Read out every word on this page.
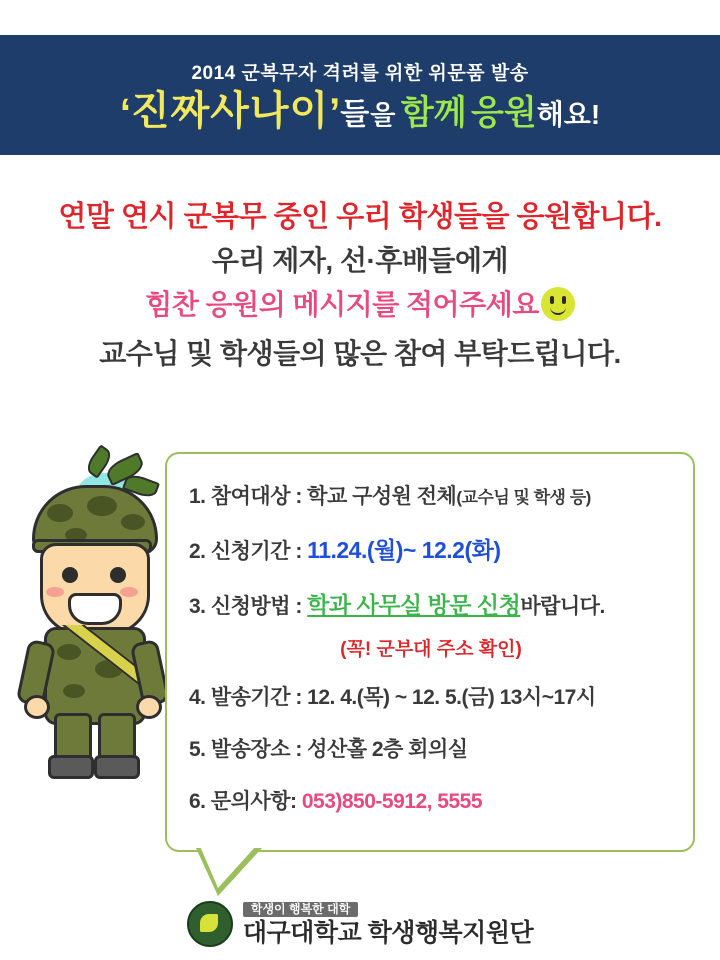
2014 군복무자 격려를 위한 위문품 발송
‘진짜사나이’들을 함께 응원해요!
연말 연시 군복무 중인 우리 학생들을 응원합니다.
우리 제자, 선·후배들에게
힘찬 응원의 메시지를 적어주세요
교수님 및 학생들의 많은 참여 부탁드립니다.
1. 참여대상 : 학교 구성원 전체(교수님 및 학생 등)
2. 신청기간 : 11.24.(월)~ 12.2(화)
3. 신청방법 : 학과 사무실 방문 신청바랍니다.
(꼭! 군부대 주소 확인)
4. 발송기간 : 12. 4.(목) ~ 12. 5.(금) 13시~17시
5. 발송장소 : 성산홀 2층 회의실
6. 문의사항: 053)850-5912, 5555
학생이 행복한 대학
대구대학교 학생행복지원단
